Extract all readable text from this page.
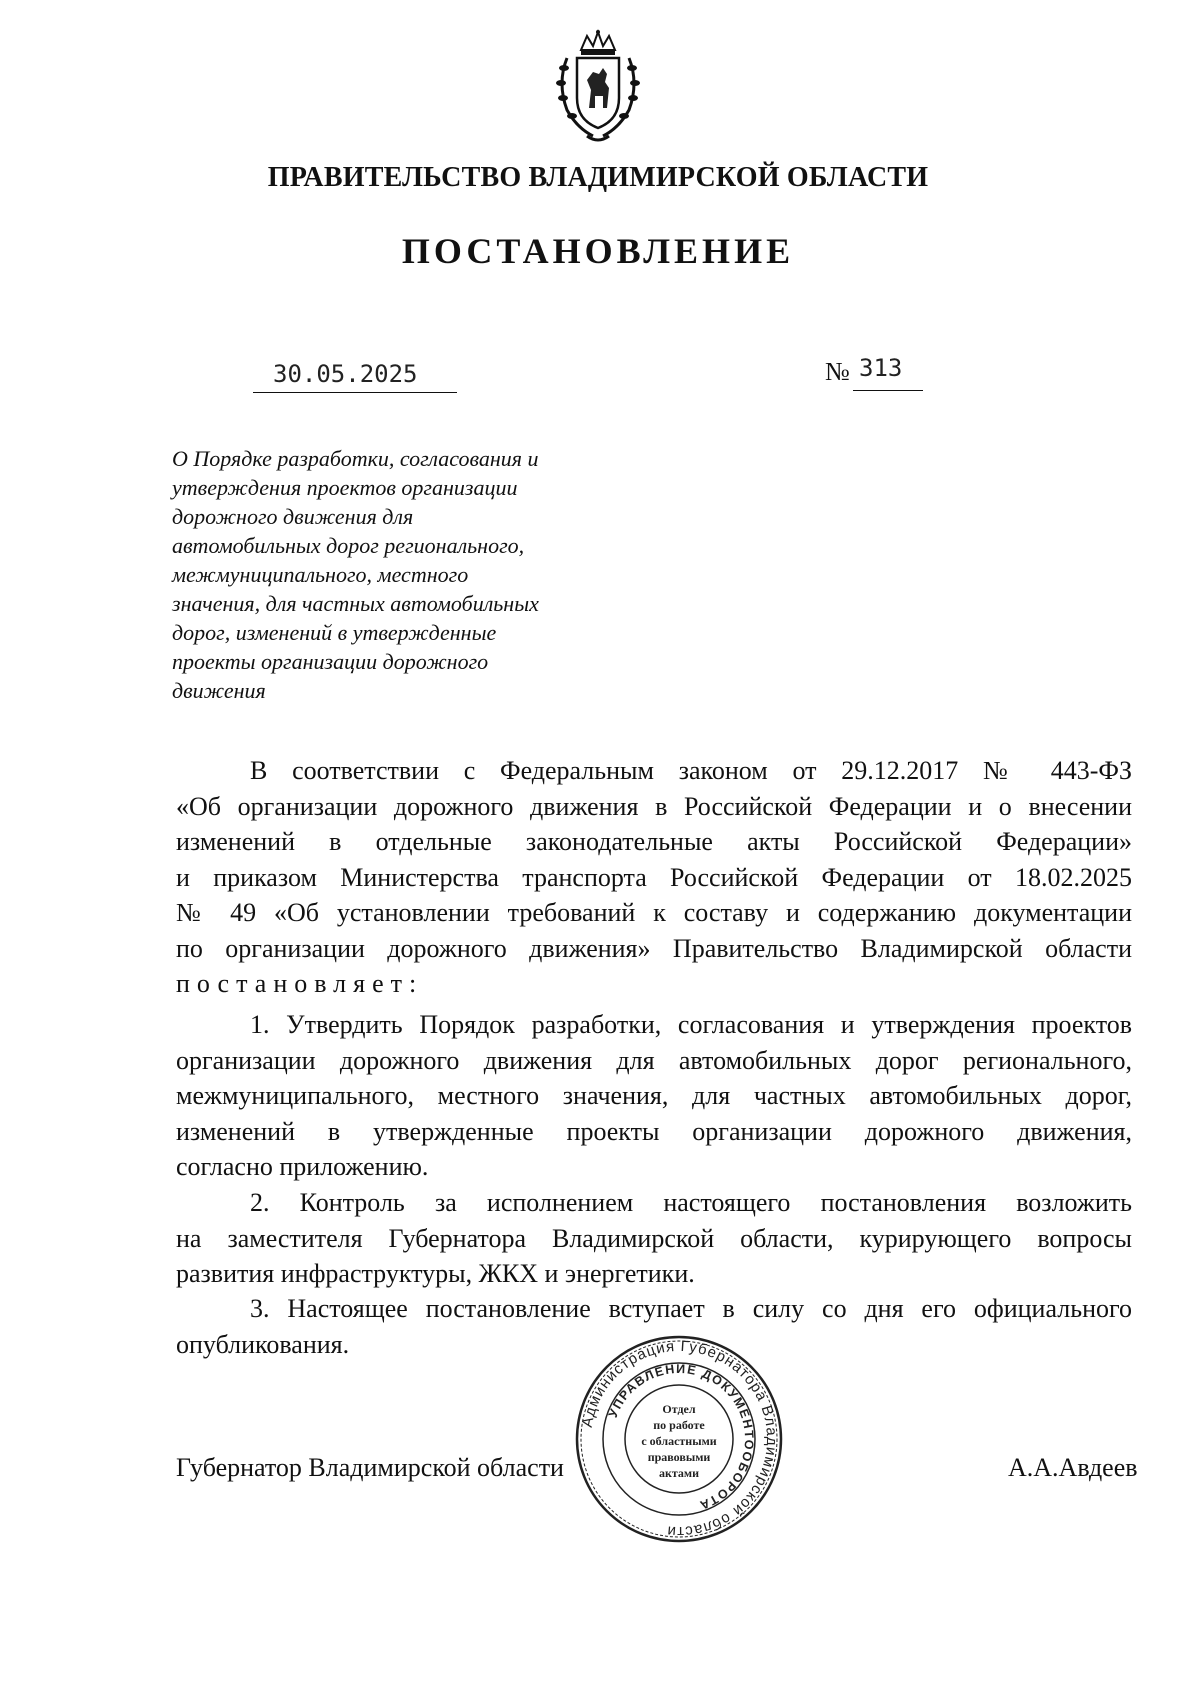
ПРАВИТЕЛЬСТВО ВЛАДИМИРСКОЙ ОБЛАСТИ
ПОСТАНОВЛЕНИЕ
30.05.2025	№ 313
О Порядке разработки, согласования и
утверждения проектов организации
дорожного движения для
автомобильных дорог регионального,
межмуниципального, местного
значения, для частных автомобильных
дорог, изменений в утвержденные
проекты организации дорожного
движения
В соответствии с Федеральным законом от 29.12.2017 № 443-ФЗ
«Об организации дорожного движения в Российской Федерации и о внесении
изменений в отдельные законодательные акты Российской Федерации»
и приказом Министерства транспорта Российской Федерации от 18.02.2025
№ 49 «Об установлении требований к составу и содержанию документации
по организации дорожного движения» Правительство Владимирской области
постановляет:
1. Утвердить Порядок разработки, согласования и утверждения проектов
организации дорожного движения для автомобильных дорог регионального,
межмуниципального, местного значения, для частных автомобильных дорог,
изменений в утвержденные проекты организации дорожного движения,
согласно приложению.
2. Контроль за исполнением настоящего постановления возложить
на заместителя Губернатора Владимирской области, курирующего вопросы
развития инфраструктуры, ЖКХ и энергетики.
3. Настоящее постановление вступает в силу со дня его официального
опубликования.
Губернатор Владимирской области	А.А.Авдеев
Администрация Губернатора Владимирской области
УПРАВЛЕНИЕ ДОКУМЕНТООБОРОТА
Отдел
по работе
с областными
правовыми
актами
